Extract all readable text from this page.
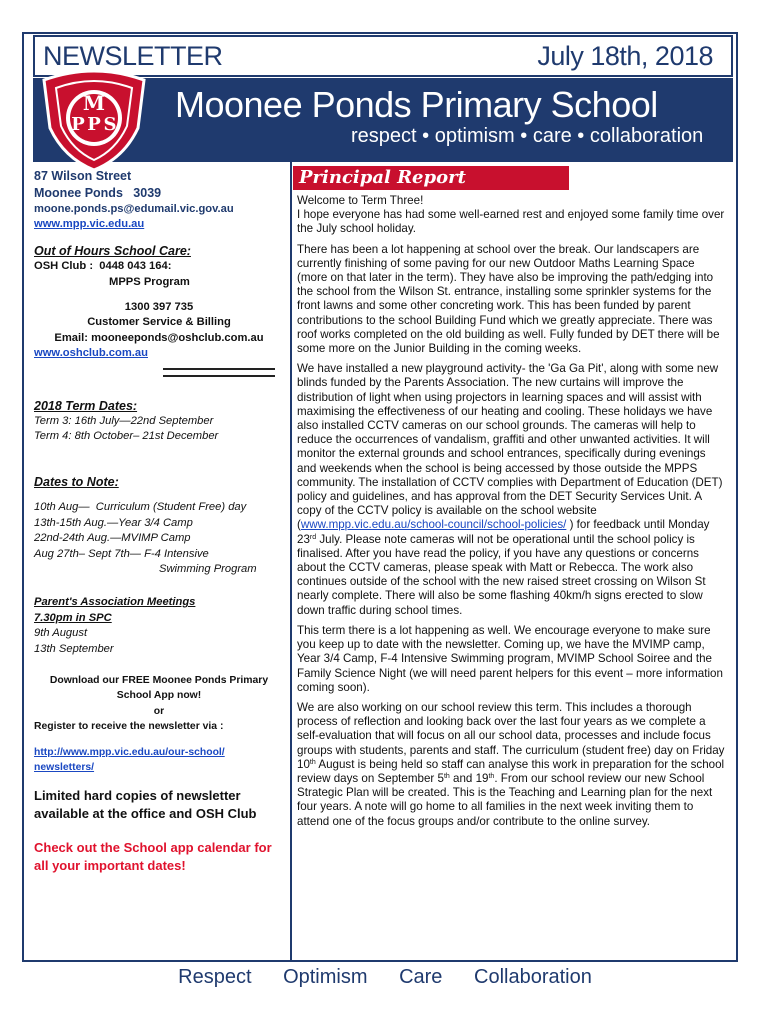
NEWSLETTER	July 18th, 2018
Moonee Ponds Primary School
respect • optimism • care • collaboration
M
P P S
Principal Report
87 Wilson Street
Moonee Ponds   3039
moone.ponds.ps@edumail.vic.gov.au
www.mpp.vic.edu.au
Out of Hours School Care:
OSH Club :  0448 043 164:
MPPS Program
1300 397 735
Customer Service & Billing
Email: mooneeponds@oshclub.com.au
www.oshclub.com.au
2018 Term Dates:
Term 3: 16th July—22nd September
Term 4: 8th October– 21st December
Dates to Note:
10th Aug—  Curriculum (Student Free) day
13th-15th Aug.—Year 3/4 Camp
22nd-24th Aug.—MVIMP Camp
Aug 27th– Sept 7th— F-4 Intensive
Swimming Program
Parent's Association Meetings
7.30pm in SPC
9th August
13th September
Download our FREE Moonee Ponds Primary
School App now!
or
Register to receive the newsletter via :
http://www.mpp.vic.edu.au/our-school/
newsletters/
Limited hard copies of newsletter available at the office and OSH Club
Check out the School app calendar for all your important dates!

Welcome to Term Three!
I hope everyone has had some well-earned rest and enjoyed some family time over the July school holiday.

There has been a lot happening at school over the break. Our landscapers are currently finishing of some paving for our new Outdoor Maths Learning Space (more on that later in the term). They have also be improving the path/edging into the school from the Wilson St. entrance, installing some sprinkler systems for the front lawns and some other concreting work. This has been funded by parent contributions to the school Building Fund which we greatly appreciate. There was roof works completed on the old building as well. Fully funded by DET there will be some more on the Junior Building in the coming weeks.

We have installed a new playground activity- the 'Ga Ga Pit', along with some new blinds funded by the Parents Association. The new curtains will improve the distribution of light when using projectors in learning spaces and will assist with maximising the effectiveness of our heating and cooling. These holidays we have also installed CCTV cameras on our school grounds. The cameras will help to reduce the occurrences of vandalism, graffiti and other unwanted activities. It will monitor the external grounds and school entrances, specifically during evenings and weekends when the school is being accessed by those outside the MPPS community. The installation of CCTV complies with Department of Education (DET) policy and guidelines, and has approval from the DET Security Services Unit. A copy of the CCTV policy is available on the school website (www.mpp.vic.edu.au/school-council/school-policies/ ) for feedback until Monday 23rd July. Please note cameras will not be operational until the school policy is finalised. After you have read the policy, if you have any questions or concerns about the CCTV cameras, please speak with Matt or Rebecca. The work also continues outside of the school with the new raised street crossing on Wilson St nearly complete. There will also be some flashing 40km/h signs erected to slow down traffic during school times.

This term there is a lot happening as well. We encourage everyone to make sure you keep up to date with the newsletter. Coming up, we have the MVIMP camp, Year 3/4 Camp, F-4 Intensive Swimming program, MVIMP School Soiree and the Family Science Night (we will need parent helpers for this event – more information coming soon).

We are also working on our school review this term. This includes a thorough process of reflection and looking back over the last four years as we complete a self-evaluation that will focus on all our school data, processes and include focus groups with students, parents and staff. The curriculum (student free) day on Friday 10th August is being held so staff can analyse this work in preparation for the school review days on September 5th and 19th. From our school review our new School Strategic Plan will be created. This is the Teaching and Learning plan for the next four years. A note will go home to all families in the next week inviting them to attend one of the focus groups and/or contribute to the online survey.

Respect Optimism Care Collaboration
